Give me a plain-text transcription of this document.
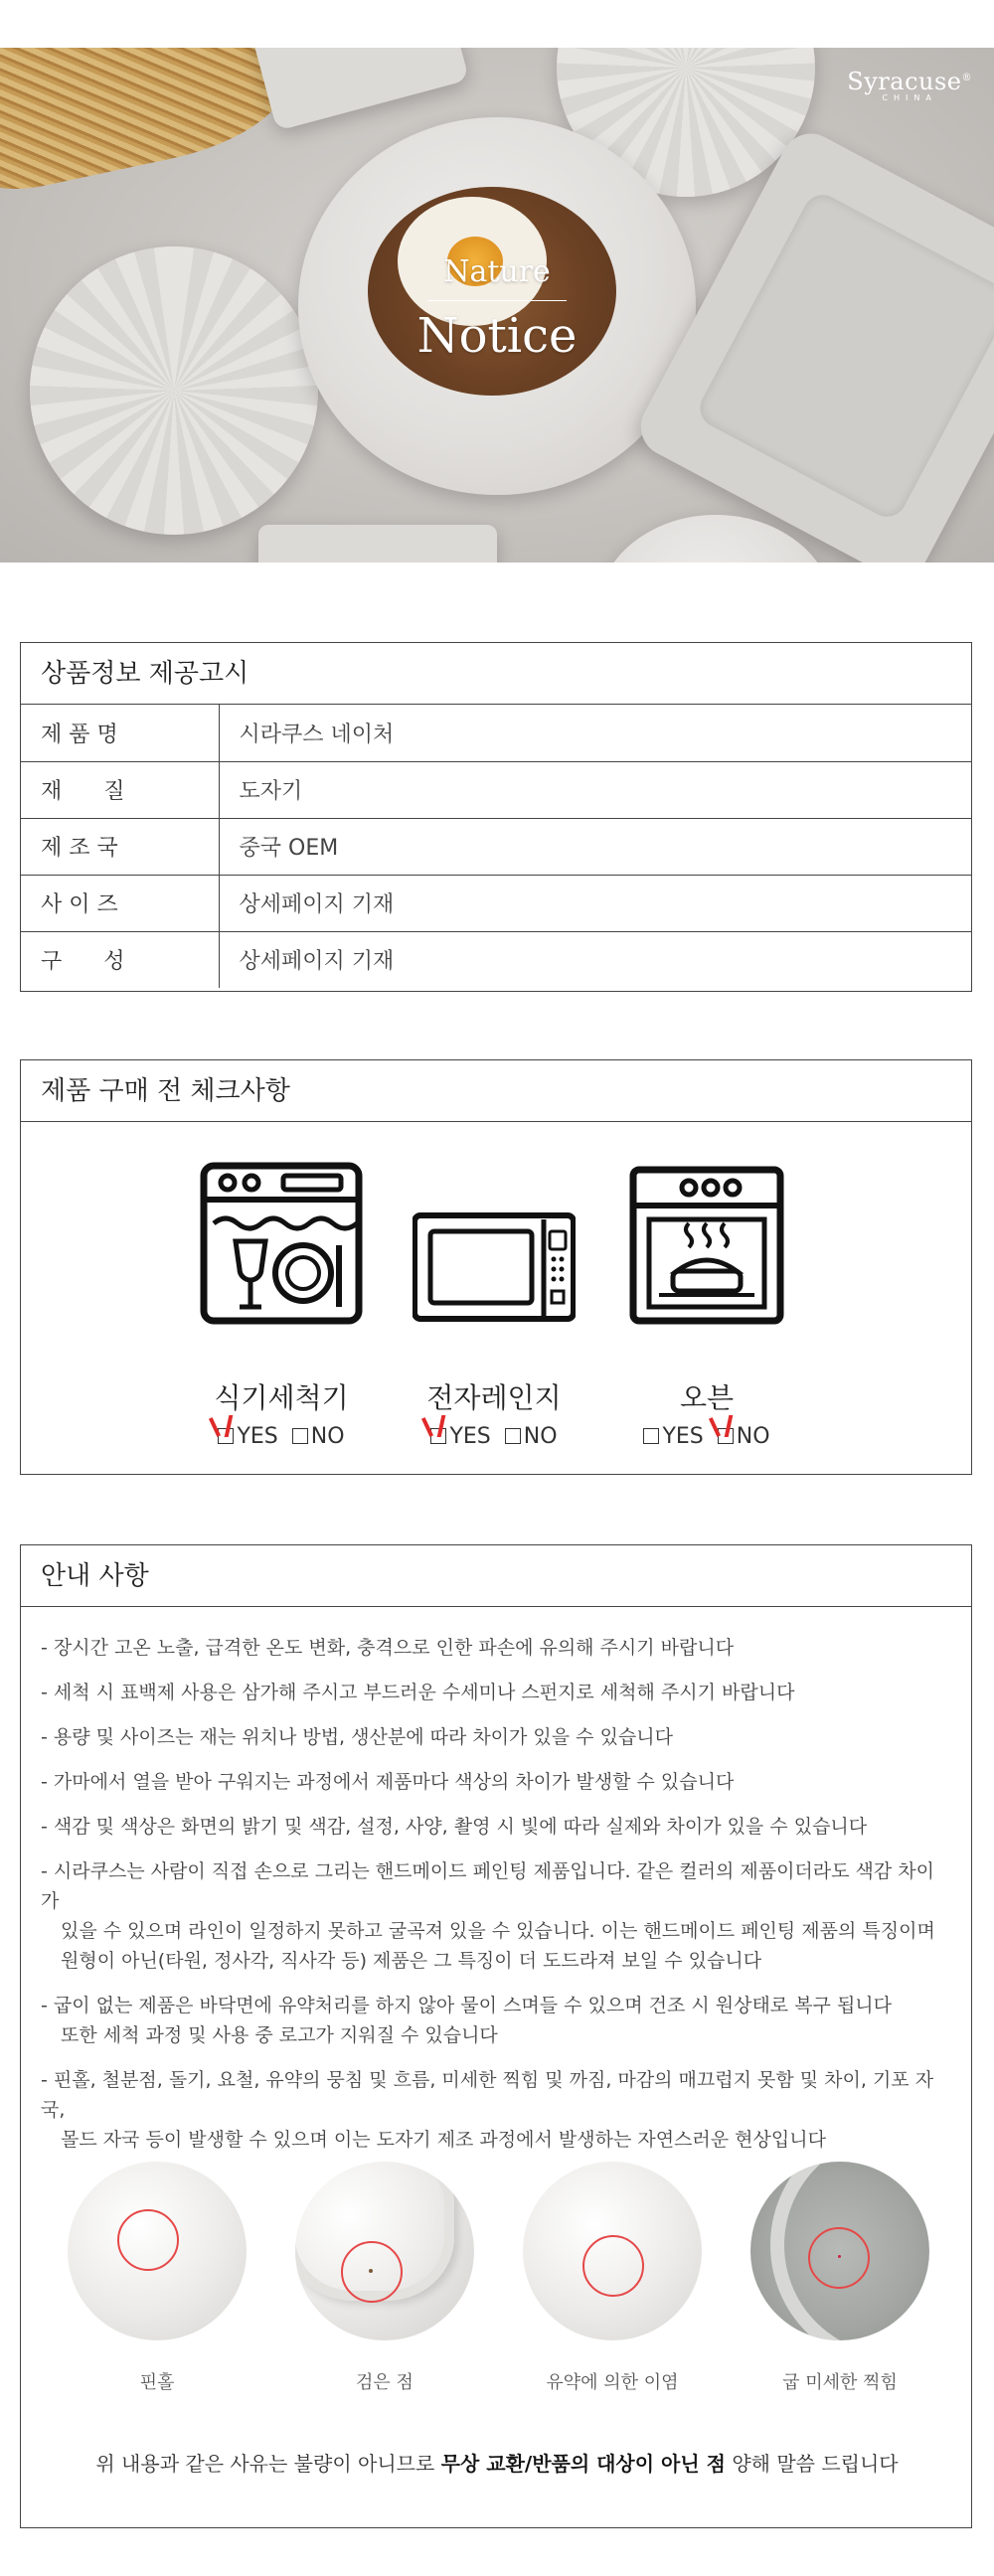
Syracuse®
CHINA
Nature
Notice
상품정보 제공고시
제 품 명	시라쿠스 네이처
재      질	도자기
제 조 국	중국 OEM
사 이 즈	상세페이지 기재
구      성	상세페이지 기재
제품 구매 전 체크사항
식기세척기
YES NO
전자레인지
YES NO
오븐
YES NO
안내 사항
- 장시간 고온 노출, 급격한 온도 변화, 충격으로 인한 파손에 유의해 주시기 바랍니다
- 세척 시 표백제 사용은 삼가해 주시고 부드러운 수세미나 스펀지로 세척해 주시기 바랍니다
- 용량 및 사이즈는 재는 위치나 방법, 생산분에 따라 차이가 있을 수 있습니다
- 가마에서 열을 받아 구워지는 과정에서 제품마다 색상의 차이가 발생할 수 있습니다
- 색감 및 색상은 화면의 밝기 및 색감, 설정, 사양, 촬영 시 빛에 따라 실제와 차이가 있을 수 있습니다
- 시라쿠스는 사람이 직접 손으로 그리는 핸드메이드 페인팅 제품입니다. 같은 컬러의 제품이더라도 색감 차이가
있을 수 있으며 라인이 일정하지 못하고 굴곡져 있을 수 있습니다. 이는 핸드메이드 페인팅 제품의 특징이며
원형이 아닌(타원, 정사각, 직사각 등) 제품은 그 특징이 더 도드라져 보일 수 있습니다
- 굽이 없는 제품은 바닥면에 유약처리를 하지 않아 물이 스며들 수 있으며 건조 시 원상태로 복구 됩니다
또한 세척 과정 및 사용 중 로고가 지워질 수 있습니다
- 핀홀, 철분점, 돌기, 요철, 유약의 뭉침 및 흐름, 미세한 찍힘 및 까짐, 마감의 매끄럽지 못함 및 차이, 기포 자국,
몰드 자국 등이 발생할 수 있으며 이는 도자기 제조 과정에서 발생하는 자연스러운 현상입니다
핀홀	검은 점	유약에 의한 이염	굽 미세한 찍힘
위 내용과 같은 사유는 불량이 아니므로 무상 교환/반품의 대상이 아닌 점 양해 말씀 드립니다
